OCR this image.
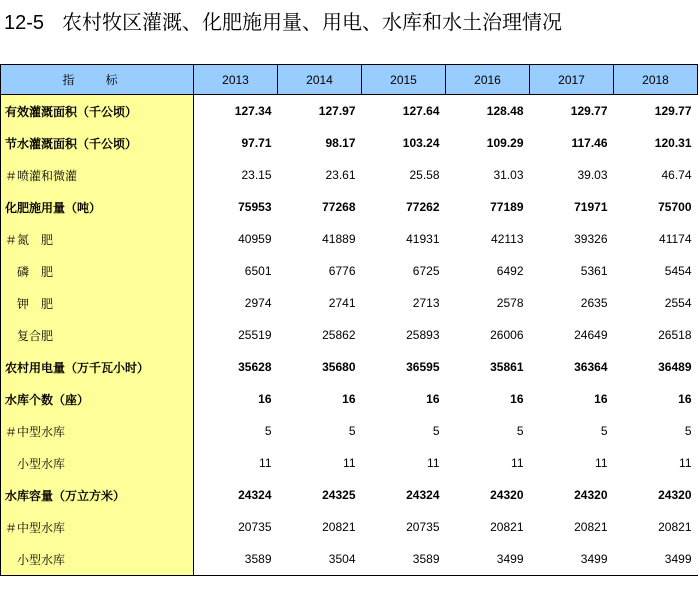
12-5 农村牧区灌溉、化肥施用量、用电、水库和水土治理情况
指 标	2013	2014	2015	2016	2017	2018
有效灌溉面积（千公顷）	127.34	127.97	127.64	128.48	129.77	129.77
节水灌溉面积（千公顷）	97.71	98.17	103.24	109.29	117.46	120.31
＃喷灌和微灌	23.15	23.61	25.58	31.03	39.03	46.74
化肥施用量（吨）	75953	77268	77262	77189	71971	75700
＃氮　肥	40959	41889	41931	42113	39326	41174
磷　肥	6501	6776	6725	6492	5361	5454
钾　肥	2974	2741	2713	2578	2635	2554
复合肥	25519	25862	25893	26006	24649	26518
农村用电量（万千瓦小时）	35628	35680	36595	35861	36364	36489
水库个数（座）	16	16	16	16	16	16
＃中型水库	5	5	5	5	5	5
小型水库	11	11	11	11	11	11
水库容量（万立方米）	24324	24325	24324	24320	24320	24320
＃中型水库	20735	20821	20735	20821	20821	20821
小型水库	3589	3504	3589	3499	3499	3499
